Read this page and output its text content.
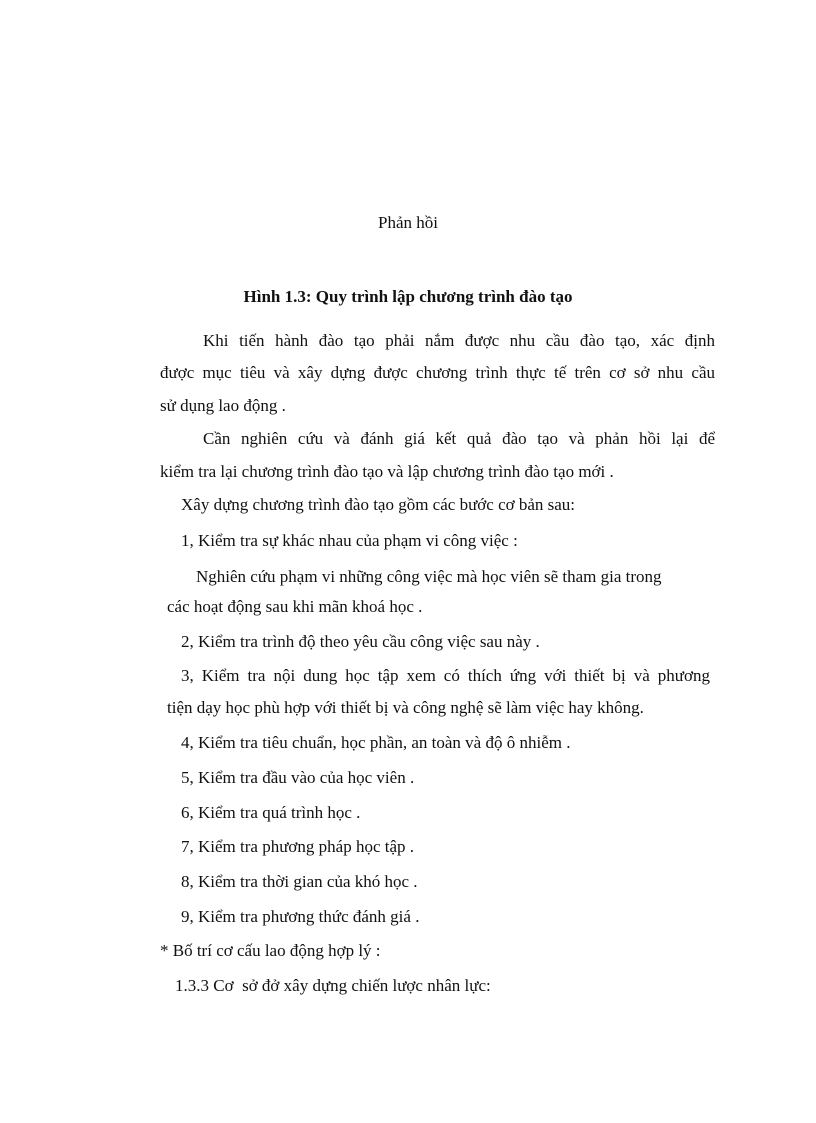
Phản hồi
Hình 1.3: Quy trình lập chương trình đào tạo
Khi tiến hành đào tạo phải nắm được nhu cầu đào tạo, xác định
được mục tiêu và xây dựng được chương trình thực tế trên cơ sở nhu cầu
sử dụng lao động .
Cần nghiên cứu và đánh giá kết quả đào tạo và phản hồi lại để
kiểm tra lại chương trình đào tạo và lập chương trình đào tạo mới .
Xây dựng chương trình đào tạo gồm các bước cơ bản sau:
1, Kiểm tra sự khác nhau của phạm vi công việc :
Nghiên cứu phạm vi những công việc mà học viên sẽ tham gia trong
các hoạt động sau khi mãn khoá học .
2, Kiểm tra trình độ theo yêu cầu công việc sau này .
3, Kiểm tra nội dung học tập xem có thích ứng với thiết bị và phương
tiện dạy học phù hợp với thiết bị và công nghệ sẽ làm việc hay không.
4, Kiểm tra tiêu chuẩn, học phần, an toàn và độ ô nhiễm .
5, Kiểm tra đầu vào của học viên .
6, Kiểm tra quá trình học .
7, Kiểm tra phương pháp học tập .
8, Kiểm tra thời gian của khó học .
9, Kiểm tra phương thức đánh giá .
* Bố trí cơ cấu lao động hợp lý :
1.3.3 Cơ  sở đở xây dựng chiến lược nhân lực:
